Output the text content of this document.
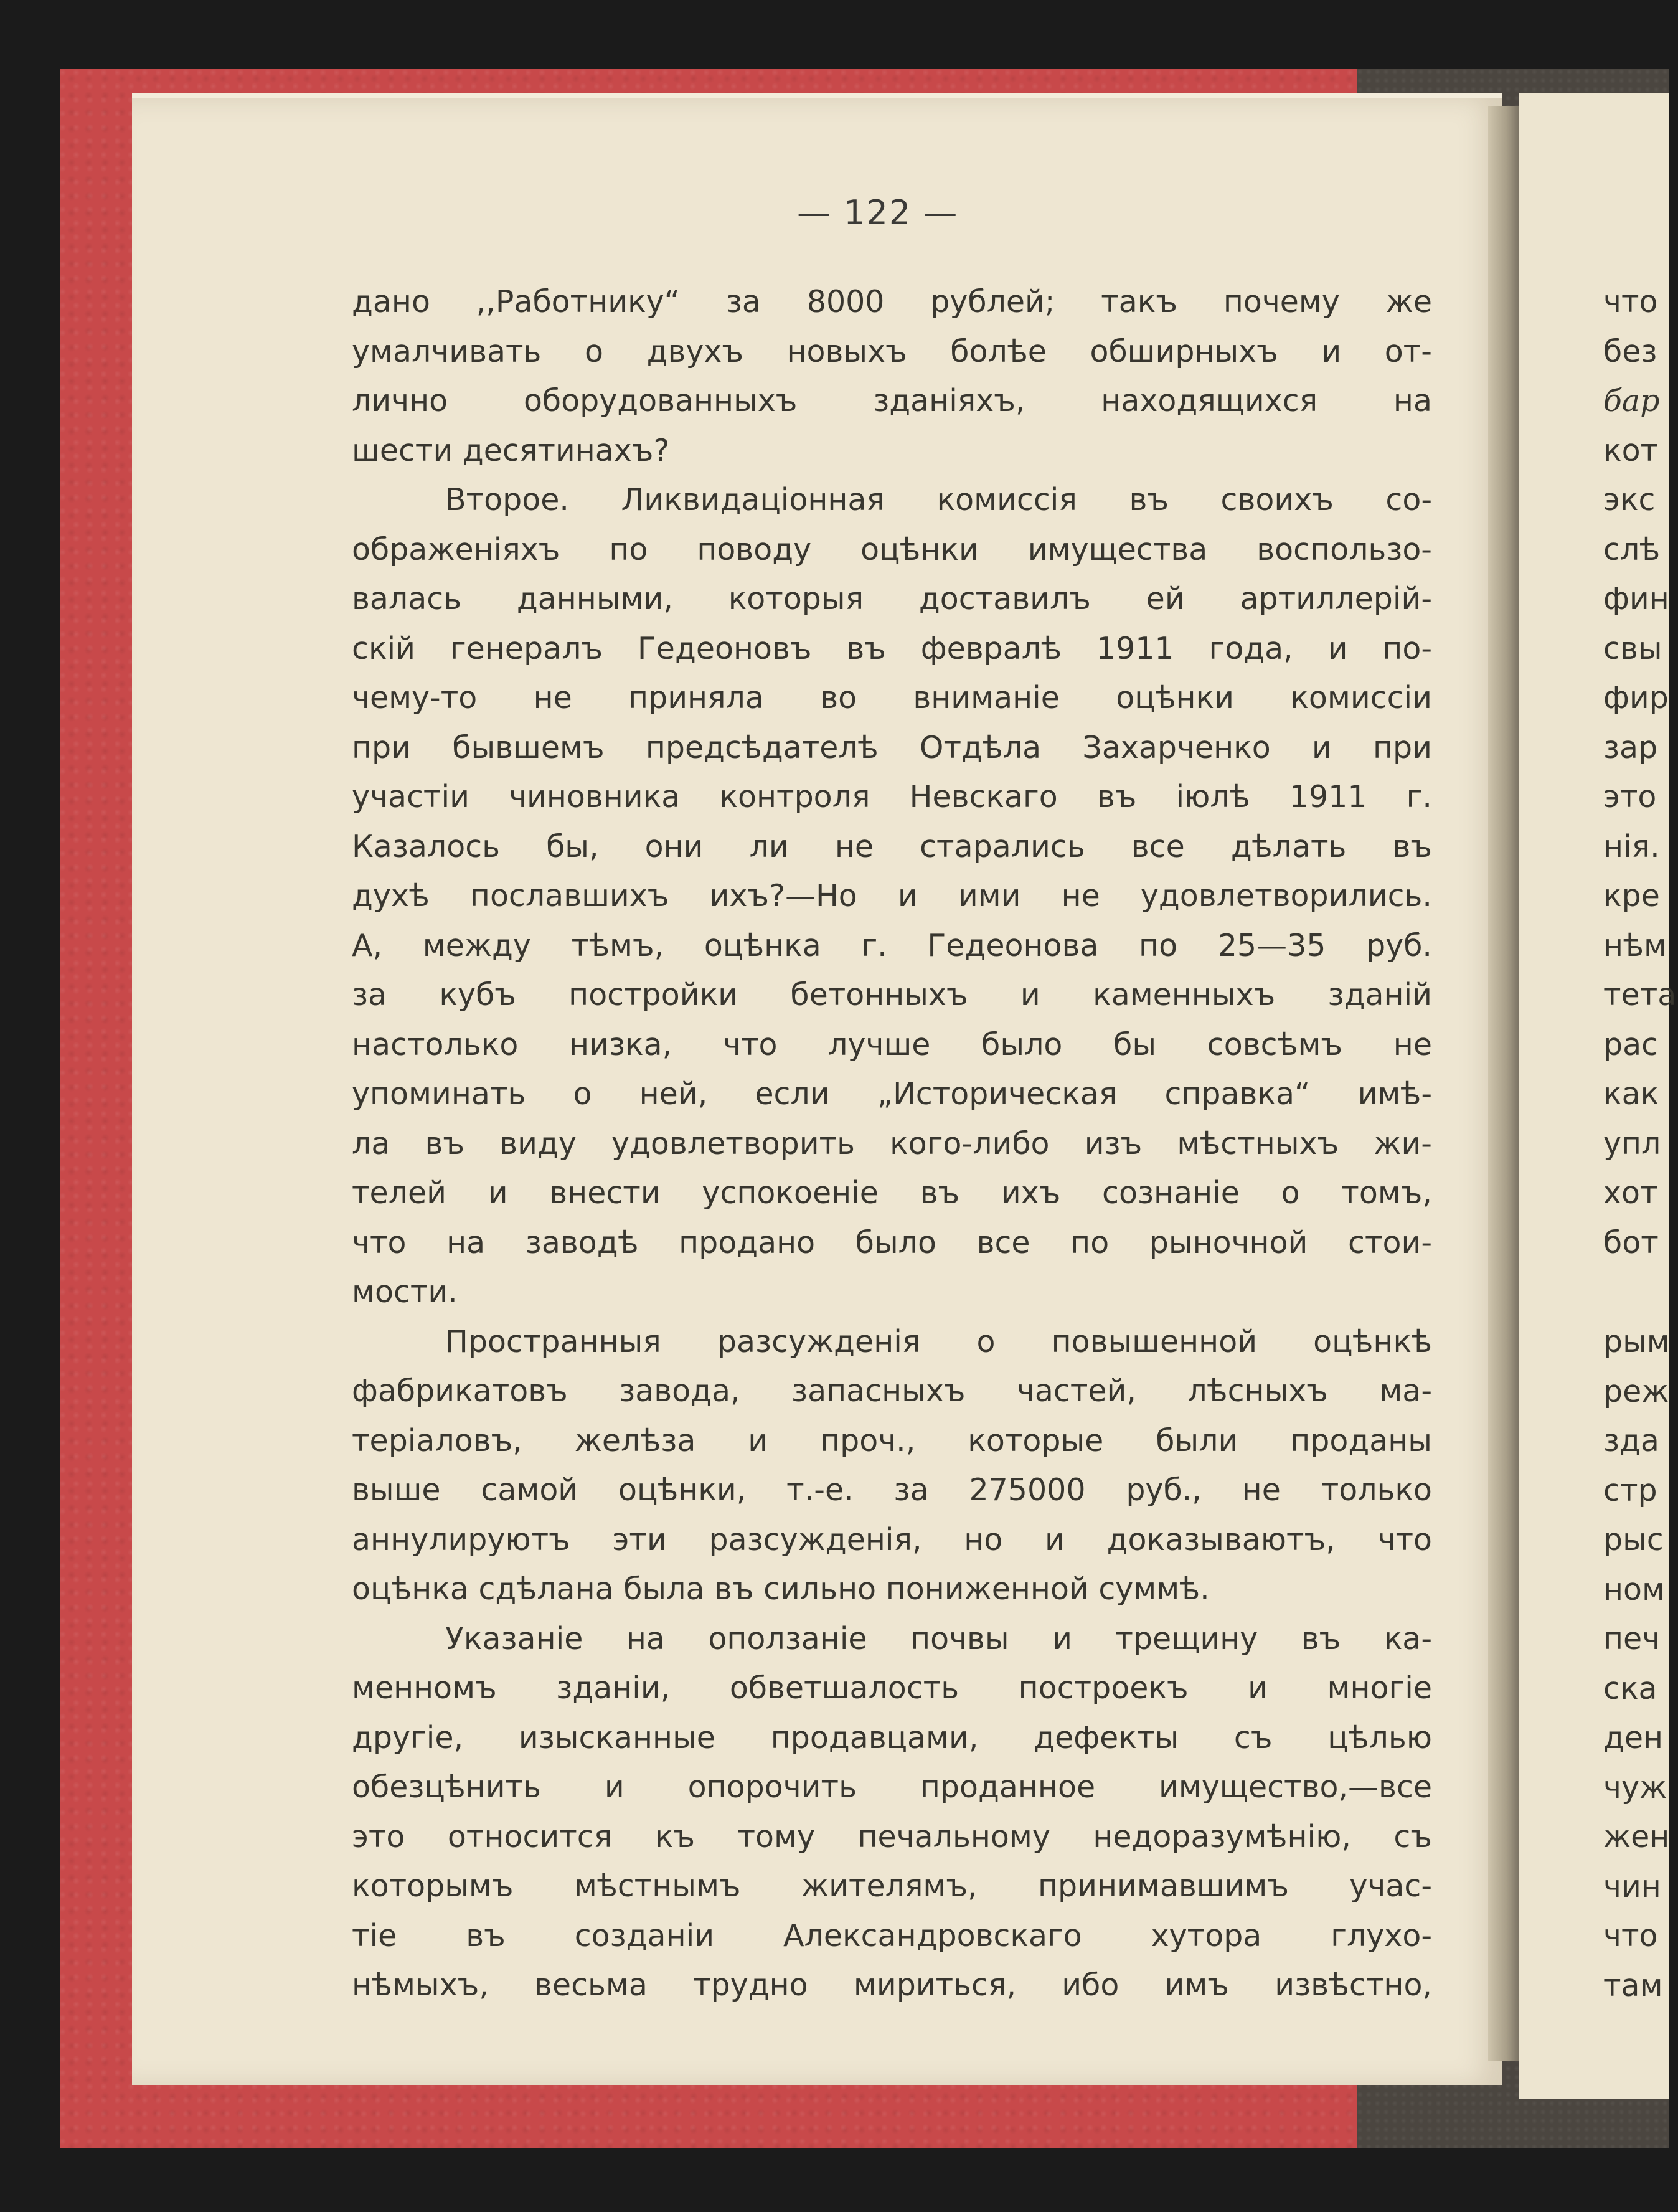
— 122 —
дано ,,Работнику“ за 8000 рублей; такъ почему же
умалчивать о двухъ новыхъ болѣе обширныхъ и от-
лично оборудованныхъ зданіяхъ, находящихся на
шести десятинахъ?
Второе. Ликвидаціонная комиссія въ своихъ со-
ображеніяхъ по поводу оцѣнки имущества воспользо-
валась данными, которыя доставилъ ей артиллерій-
скій генералъ Гедеоновъ въ февралѣ 1911 года, и по-
чему-то не приняла во вниманіе оцѣнки комиссіи
при бывшемъ предсѣдателѣ Отдѣла Захарченко и при
участіи чиновника контроля Невскаго въ іюлѣ 1911 г.
Казалось бы, они ли не старались все дѣлать въ
духѣ пославшихъ ихъ?—Но и ими не удовлетворились.
А, между тѣмъ, оцѣнка г. Гедеонова по 25—35 руб.
за кубъ постройки бетонныхъ и каменныхъ зданій
настолько низка, что лучше было бы совсѣмъ не
упоминать о ней, если „Историческая справка“ имѣ-
ла въ виду удовлетворить кого-либо изъ мѣстныхъ жи-
телей и внести успокоеніе въ ихъ сознаніе о томъ,
что на заводѣ продано было все по рыночной стои-
мости.
Пространныя разсужденія о повышенной оцѣнкѣ
фабрикатовъ завода, запасныхъ частей, лѣсныхъ ма-
теріаловъ, желѣза и проч., которые были проданы
выше самой оцѣнки, т.-е. за 275000 руб., не только
аннулируютъ эти разсужденія, но и доказываютъ, что
оцѣнка сдѣлана была въ сильно пониженной суммѣ.
Указаніе на оползаніе почвы и трещину въ ка-
менномъ зданіи, обветшалость построекъ и многіе
другіе, изысканные продавцами, дефекты съ цѣлью
обезцѣнить и опорочить проданное имущество,—все
это относится къ тому печальному недоразумѣнію, съ
которымъ мѣстнымъ жителямъ, принимавшимъ учас-
тіе въ созданіи Александровскаго хутора глухо-
нѣмыхъ, весьма трудно мириться, ибо имъ извѣстно,
что
без
бар
кот
экс
слѣ
фин
свы
фир
зар
это
нія.
кре
нѣм
тета
рас
как
упл
хот
бот
рым
реж
зда
стр
рыс
ном
печ
ска
ден
чуж
жен
чин
что
там
